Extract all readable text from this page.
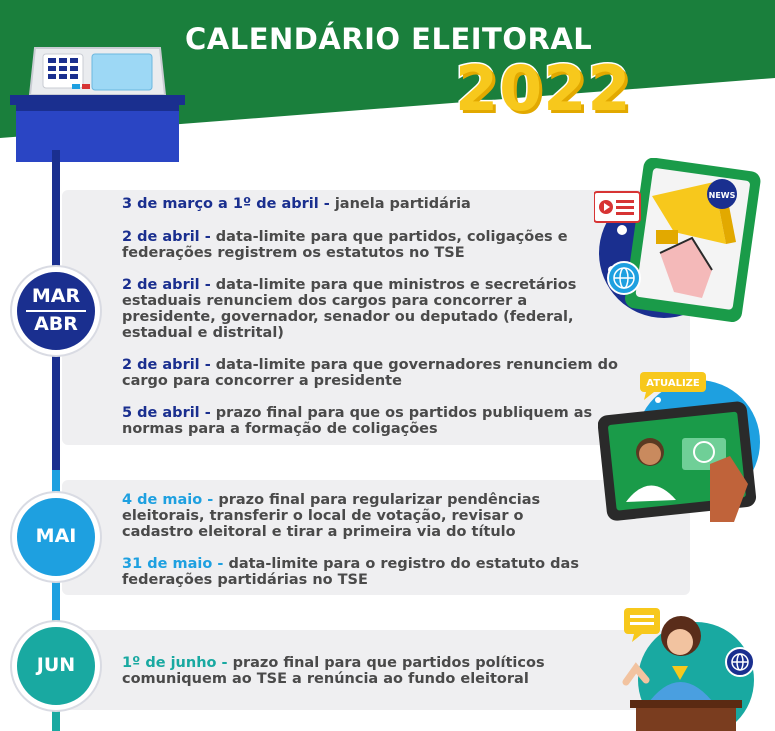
CALENDÁRIO ELEITORAL
2022
MAR
ABR
MAI
JUN
3 de março a 1º de abril - janela partidária
2 de abril - data-limite para que partidos, coligações e federações registrem os estatutos no TSE
2 de abril - data-limite para que ministros e secretários estaduais renunciem dos cargos para concorrer a presidente, governador, senador ou deputado (federal, estadual e distrital)
2 de abril - data-limite para que governadores renunciem do cargo para concorrer a presidente
5 de abril - prazo final para que os partidos publiquem as normas para a formação de coligações
4 de maio - prazo final para regularizar pendências eleitorais, transferir o local de votação, revisar o cadastro eleitoral e tirar a primeira via do título
31 de maio - data-limite para o registro do estatuto das federações partidárias no TSE
1º de junho - prazo final para que partidos políticos comuniquem ao TSE a renúncia ao fundo eleitoral
NEWS
ATUALIZE
